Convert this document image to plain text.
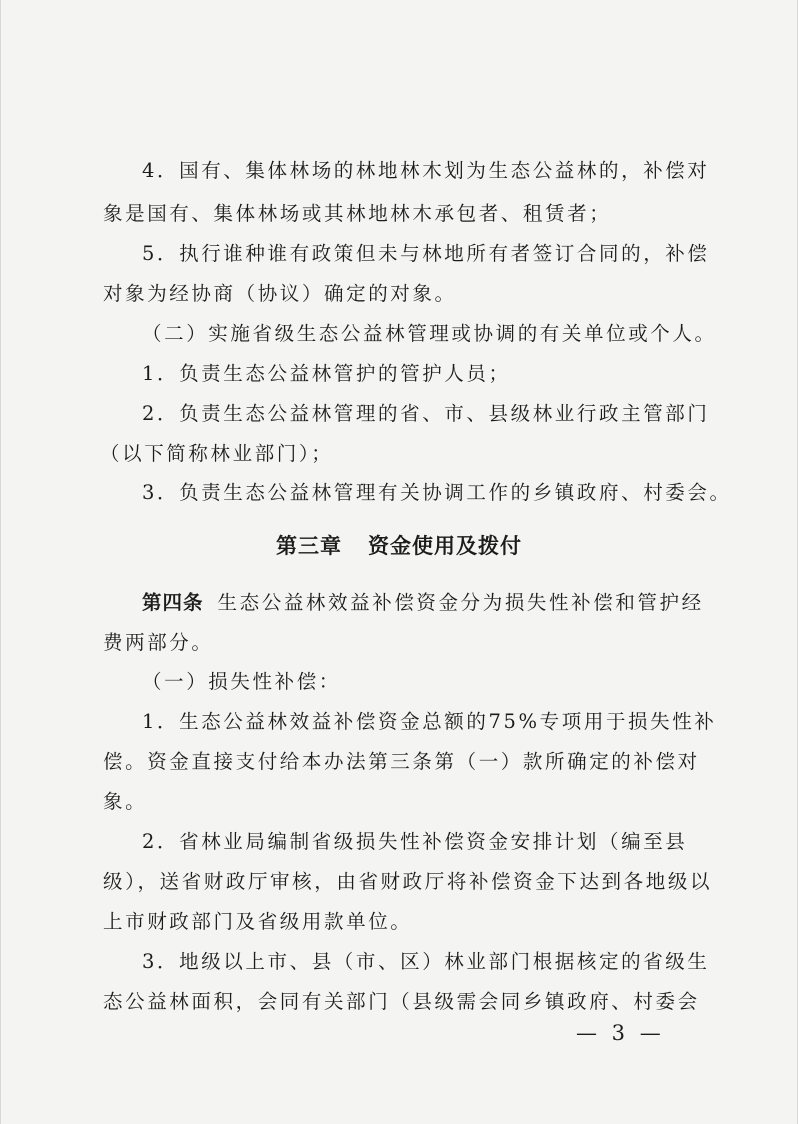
4．国有、集体林场的林地林木划为生态公益林的，补偿对

象是国有、集体林场或其林地林木承包者、租赁者；

5．执行谁种谁有政策但未与林地所有者签订合同的，补偿

对象为经协商（协议）确定的对象。

（二）实施省级生态公益林管理或协调的有关单位或个人。

1．负责生态公益林管护的管护人员；

2．负责生态公益林管理的省、市、县级林业行政主管部门

（以下简称林业部门）；

3．负责生态公益林管理有关协调工作的乡镇政府、村委会。

第三章 资金使用及拨付

第四条 生态公益林效益补偿资金分为损失性补偿和管护经

费两部分。

（一）损失性补偿：

1．生态公益林效益补偿资金总额的75%专项用于损失性补

偿。资金直接支付给本办法第三条第（一）款所确定的补偿对

象。

2．省林业局编制省级损失性补偿资金安排计划（编至县

级），送省财政厅审核，由省财政厅将补偿资金下达到各地级以

上市财政部门及省级用款单位。

3．地级以上市、县（市、区）林业部门根据核定的省级生

态公益林面积，会同有关部门（县级需会同乡镇政府、村委会

— 3 —
